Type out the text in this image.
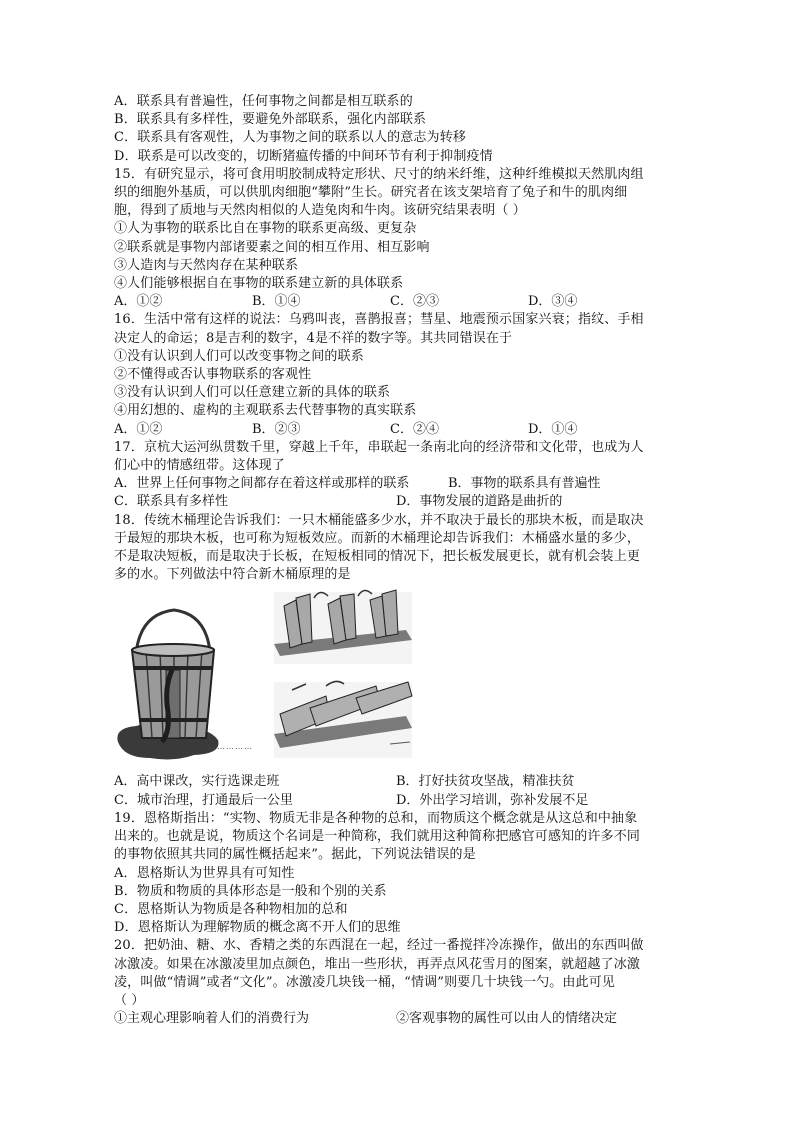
A．联系具有普遍性，任何事物之间都是相互联系的
B．联系具有多样性，要避免外部联系，强化内部联系
C．联系具有客观性，人为事物之间的联系以人的意志为转移
D．联系是可以改变的，切断猪瘟传播的中间环节有利于抑制疫情
15．有研究显示，将可食用明胶制成特定形状、尺寸的纳米纤维，这种纤维模拟天然肌肉组
织的细胞外基质，可以供肌肉细胞“攀附”生长。研究者在该支架培育了兔子和牛的肌肉细
胞，得到了质地与天然肉相似的人造兔肉和牛肉。该研究结果表明（ ）
①人为事物的联系比自在事物的联系更高级、更复杂
②联系就是事物内部诸要素之间的相互作用、相互影响
③人造肉与天然肉存在某种联系
④人们能够根据自在事物的联系建立新的具体联系
A．①②	B．①④	C．②③	D．③④
16．生活中常有这样的说法：乌鸦叫丧，喜鹊报喜；彗星、地震预示国家兴衰；指纹、手相
决定人的命运；8是吉利的数字，4是不祥的数字等。其共同错误在于
①没有认识到人们可以改变事物之间的联系
②不懂得或否认事物联系的客观性
③没有认识到人们可以任意建立新的具体的联系
④用幻想的、虚构的主观联系去代替事物的真实联系
A．①②	B．②③	C．②④	D．①④
17．京杭大运河纵贯数千里，穿越上千年，串联起一条南北向的经济带和文化带，也成为人
们心中的情感纽带。这体现了
A．世界上任何事物之间都存在着这样或那样的联系	B．事物的联系具有普遍性
C．联系具有多样性	D．事物发展的道路是曲折的
18．传统木桶理论告诉我们：一只木桶能盛多少水，并不取决于最长的那块木板，而是取决
于最短的那块木板，也可称为短板效应。而新的木桶理论却告诉我们：木桶盛水量的多少，
不是取决短板，而是取决于长板，在短板相同的情况下，把长板发展更长，就有机会装上更
多的水。下列做法中符合新木桶原理的是
……………
A．高中课改，实行选课走班	B．打好扶贫攻坚战，精准扶贫
C．城市治理，打通最后一公里	D．外出学习培训，弥补发展不足
19．恩格斯指出：“实物、物质无非是各种物的总和，而物质这个概念就是从这总和中抽象
出来的。也就是说，物质这个名词是一种简称，我们就用这种简称把感官可感知的许多不同
的事物依照其共同的属性概括起来”。据此，下列说法错误的是
A．恩格斯认为世界具有可知性
B．物质和物质的具体形态是一般和个别的关系
C．恩格斯认为物质是各种物相加的总和
D．恩格斯认为理解物质的概念离不开人们的思维
20．把奶油、糖、水、香精之类的东西混在一起，经过一番搅拌冷冻操作，做出的东西叫做
冰激凌。如果在冰激凌里加点颜色，堆出一些形状，再弄点风花雪月的图案，就超越了冰激
凌，叫做“情调”或者“文化”。冰激凌几块钱一桶，“情调”则要几十块钱一勺。由此可见
（ ）
①主观心理影响着人们的消费行为	②客观事物的属性可以由人的情绪决定
